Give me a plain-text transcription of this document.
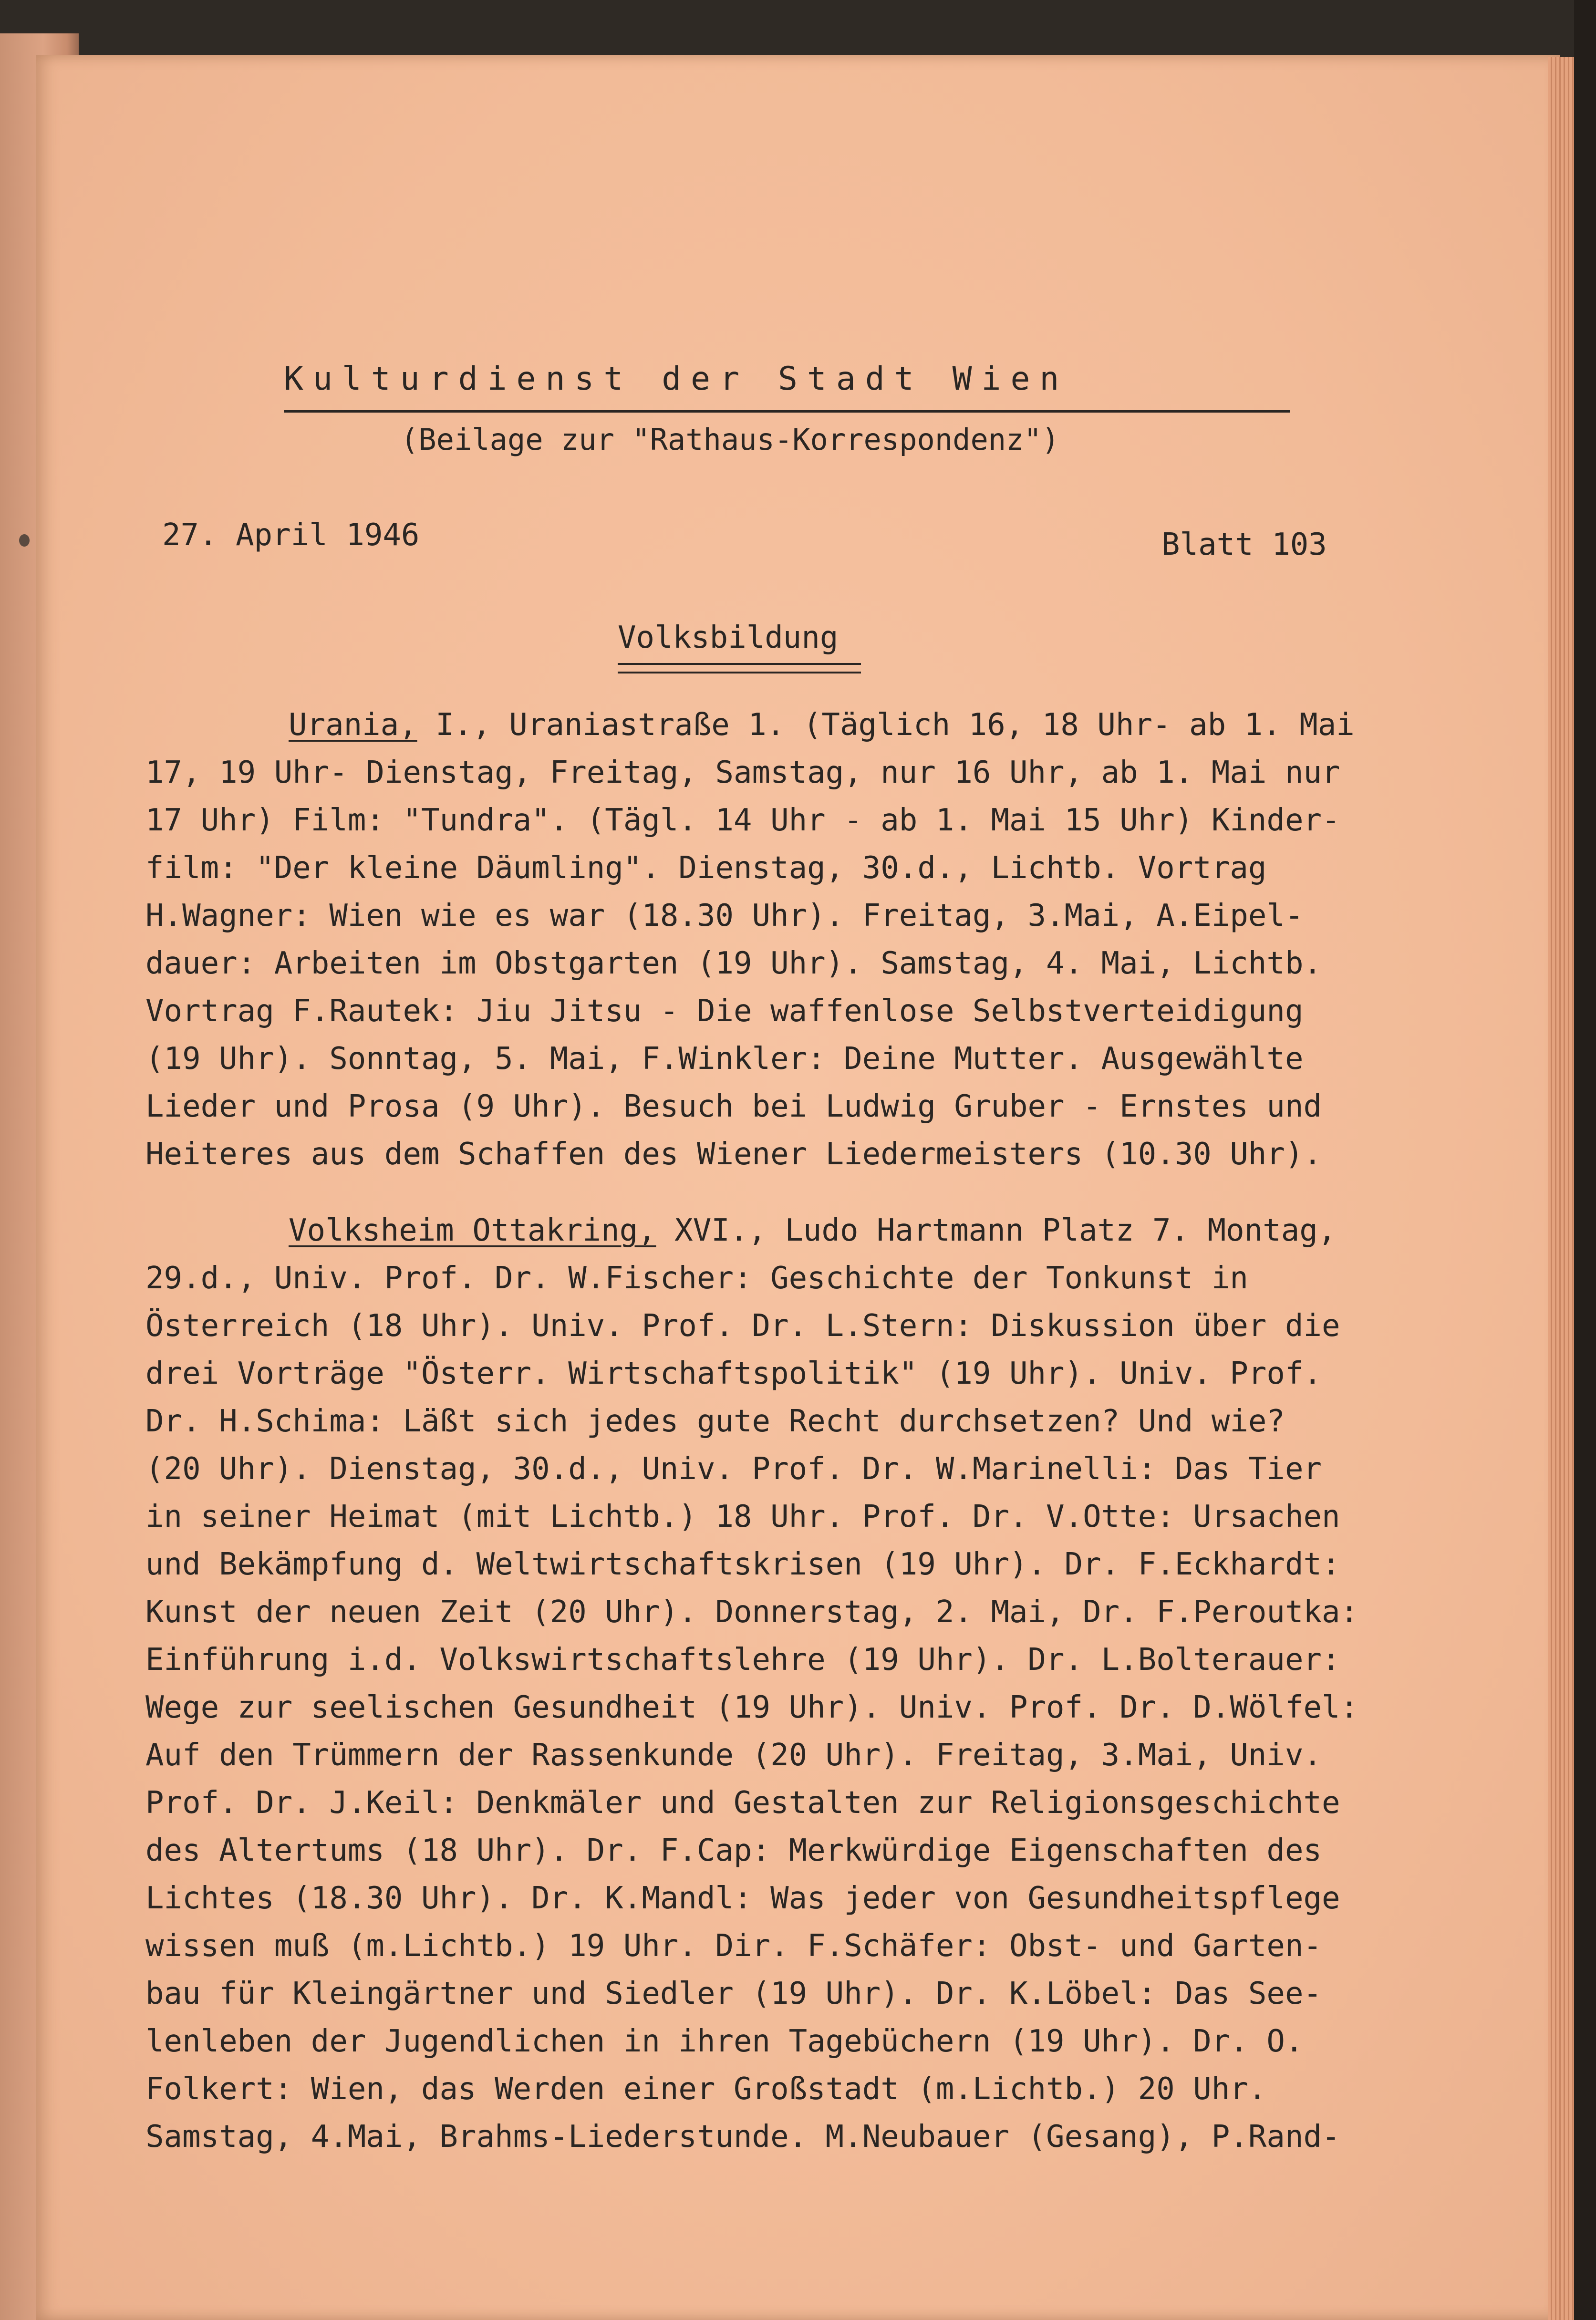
Kulturdienst der Stadt Wien
(Beilage zur "Rathaus-Korrespondenz")
27. April 1946	Blatt 103
Volksbildung
Urania, I., Uraniastraße 1. (Täglich 16, 18 Uhr- ab 1. Mai
17, 19 Uhr- Dienstag, Freitag, Samstag, nur 16 Uhr, ab 1. Mai nur
17 Uhr) Film: "Tundra". (Tägl. 14 Uhr - ab 1. Mai 15 Uhr) Kinder-
film: "Der kleine Däumling". Dienstag, 30.d., Lichtb. Vortrag
H.Wagner: Wien wie es war (18.30 Uhr). Freitag, 3.Mai, A.Eipel-
dauer: Arbeiten im Obstgarten (19 Uhr). Samstag, 4. Mai, Lichtb.
Vortrag F.Rautek: Jiu Jitsu - Die waffenlose Selbstverteidigung
(19 Uhr). Sonntag, 5. Mai, F.Winkler: Deine Mutter. Ausgewählte
Lieder und Prosa (9 Uhr). Besuch bei Ludwig Gruber - Ernstes und
Heiteres aus dem Schaffen des Wiener Liedermeisters (10.30 Uhr).
Volksheim Ottakring, XVI., Ludo Hartmann Platz 7. Montag,
29.d., Univ. Prof. Dr. W.Fischer: Geschichte der Tonkunst in
Österreich (18 Uhr). Univ. Prof. Dr. L.Stern: Diskussion über die
drei Vorträge "Österr. Wirtschaftspolitik" (19 Uhr). Univ. Prof.
Dr. H.Schima: Läßt sich jedes gute Recht durchsetzen? Und wie?
(20 Uhr). Dienstag, 30.d., Univ. Prof. Dr. W.Marinelli: Das Tier
in seiner Heimat (mit Lichtb.) 18 Uhr. Prof. Dr. V.Otte: Ursachen
und Bekämpfung d. Weltwirtschaftskrisen (19 Uhr). Dr. F.Eckhardt:
Kunst der neuen Zeit (20 Uhr). Donnerstag, 2. Mai, Dr. F.Peroutka:
Einführung i.d. Volkswirtschaftslehre (19 Uhr). Dr. L.Bolterauer:
Wege zur seelischen Gesundheit (19 Uhr). Univ. Prof. Dr. D.Wölfel:
Auf den Trümmern der Rassenkunde (20 Uhr). Freitag, 3.Mai, Univ.
Prof. Dr. J.Keil: Denkmäler und Gestalten zur Religionsgeschichte
des Altertums (18 Uhr). Dr. F.Cap: Merkwürdige Eigenschaften des
Lichtes (18.30 Uhr). Dr. K.Mandl: Was jeder von Gesundheitspflege
wissen muß (m.Lichtb.) 19 Uhr. Dir. F.Schäfer: Obst- und Garten-
bau für Kleingärtner und Siedler (19 Uhr). Dr. K.Löbel: Das See-
lenleben der Jugendlichen in ihren Tagebüchern (19 Uhr). Dr. O.
Folkert: Wien, das Werden einer Großstadt (m.Lichtb.) 20 Uhr.
Samstag, 4.Mai, Brahms-Liederstunde. M.Neubauer (Gesang), P.Rand-
